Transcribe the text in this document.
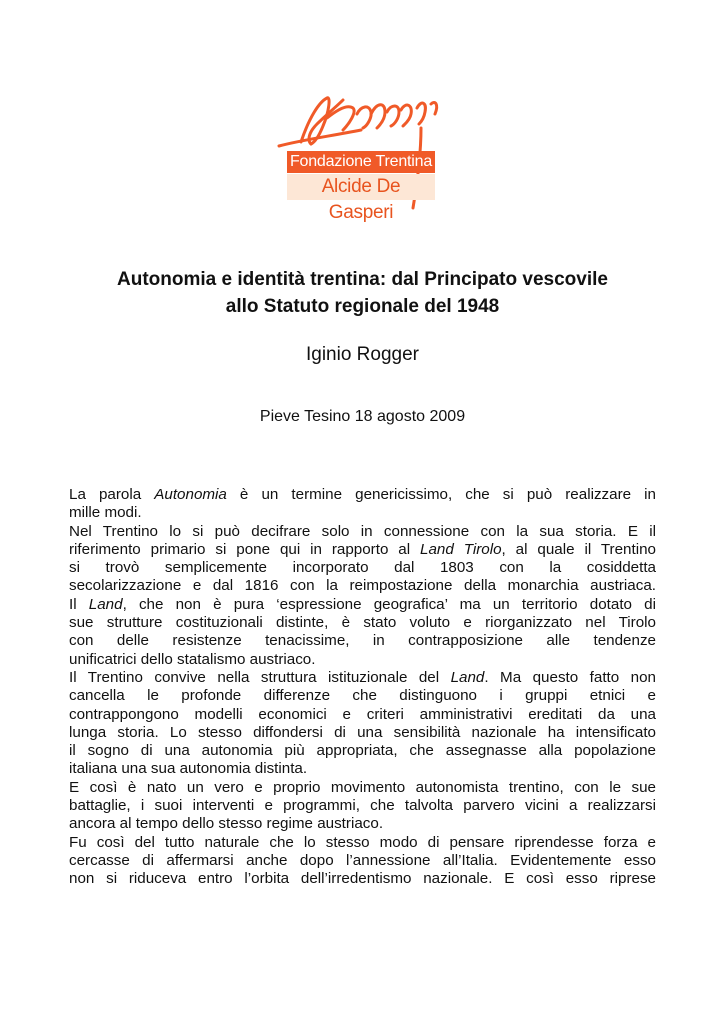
Fondazione Trentina
Alcide De Gasperi
Autonomia e identità trentina: dal Principato vescovile
allo Statuto regionale del 1948

Iginio Rogger

Pieve Tesino 18 agosto 2009

La parola Autonomia è un termine genericissimo, che si può realizzare in
mille modi.
Nel Trentino lo si può decifrare solo in connessione con la sua storia. E il
riferimento primario si pone qui in rapporto al Land Tirolo, al quale il Trentino
si trovò semplicemente incorporato dal 1803 con la cosiddetta
secolarizzazione e dal 1816 con la reimpostazione della monarchia austriaca.
Il Land, che non è pura ‘espressione geografica’ ma un territorio dotato di
sue strutture costituzionali distinte, è stato voluto e riorganizzato nel Tirolo
con delle resistenze tenacissime, in contrapposizione alle tendenze
unificatrici dello statalismo austriaco.
Il Trentino convive nella struttura istituzionale del Land. Ma questo fatto non
cancella le profonde differenze che distinguono i gruppi etnici e
contrappongono modelli economici e criteri amministrativi ereditati da una
lunga storia. Lo stesso diffondersi di una sensibilità nazionale ha intensificato
il sogno di una autonomia più appropriata, che assegnasse alla popolazione
italiana una sua autonomia distinta.
E così è nato un vero e proprio movimento autonomista trentino, con le sue
battaglie, i suoi interventi e programmi, che talvolta parvero vicini a realizzarsi
ancora al tempo dello stesso regime austriaco.
Fu così del tutto naturale che lo stesso modo di pensare riprendesse forza e
cercasse di affermarsi anche dopo l’annessione all’Italia. Evidentemente esso
non si riduceva entro l’orbita dell’irredentismo nazionale. E così esso riprese
